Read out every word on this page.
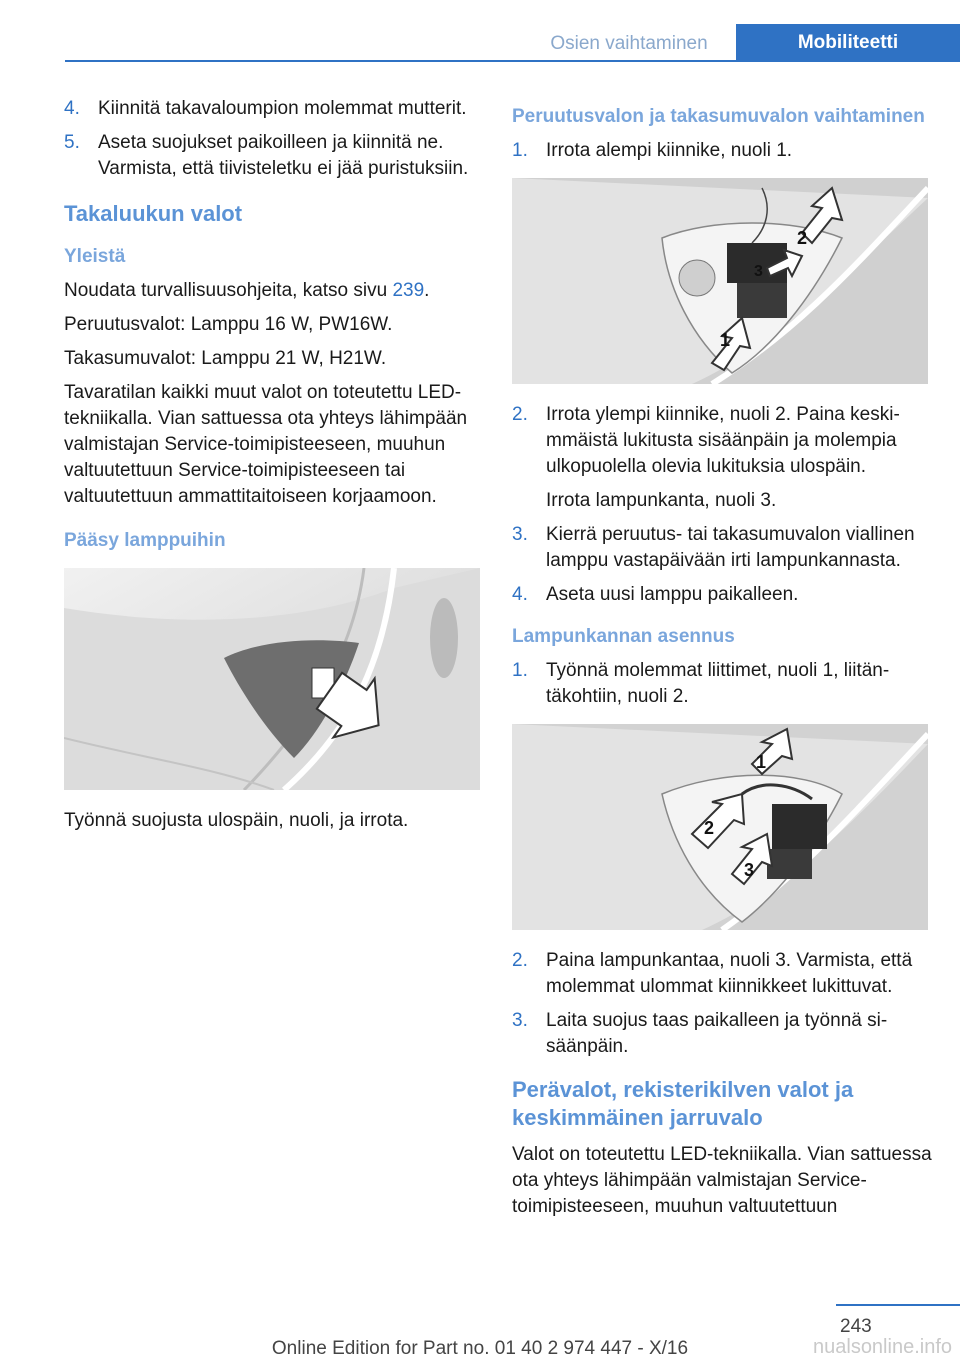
Osien vaihtaminen	Mobiliteetti
4. Kiinnitä takavaloumpion molemmat mutterit.
5. Aseta suojukset paikoilleen ja kiinnitä ne. Varmista, että tiivisteletku ei jää puristuksiin.
Takaluukun valot
Yleistä
Noudata turvallisuusohjeita, katso sivu 239.
Peruutusvalot: Lamppu 16 W, PW16W.
Takasumuvalot: Lamppu 21 W, H21W.
Tavaratilan kaikki muut valot on toteutettu LED-tekniikalla. Vian sattuessa ota yhteys lähimpään valmistajan Service-toimipisteeseen, muuhun valtuutettuun Service-toimipisteeseen tai valtuutettuun ammattitaitoiseen korjaamoon.
Pääsy lamppuihin
Työnnä suojusta ulospäin, nuoli, ja irrota.
Peruutusvalon ja takasumuvalon vaihtaminen
1. Irrota alempi kiinnike, nuoli 1.
2
3
1
2. Irrota ylempi kiinnike, nuoli 2. Paina keskimmäistä lukitusta sisäänpäin ja molempia ulkopuolella olevia lukituksia ulospäin.
Irrota lampunkanta, nuoli 3.
3. Kierrä peruutus- tai takasumuvalon viallinen lamppu vastapäivään irti lampunkannasta.
4. Aseta uusi lamppu paikalleen.
Lampunkannan asennus
1. Työnnä molemmat liittimet, nuoli 1, liitäntäkohtiin, nuoli 2.
1
2
3
2. Paina lampunkantaa, nuoli 3. Varmista, että molemmat ulommat kiinnikkeet lukittuvat.
3. Laita suojus taas paikalleen ja työnnä sisäänpäin.
Perävalot, rekisterikilven valot ja keskimmäinen jarruvalo
Valot on toteutettu LED-tekniikalla. Vian sattuessa ota yhteys lähimpään valmistajan Service-toimipisteeseen, muuhun valtuutettuun
243
Online Edition for Part no. 01 40 2 974 447 - X/16	nualsonline.info
